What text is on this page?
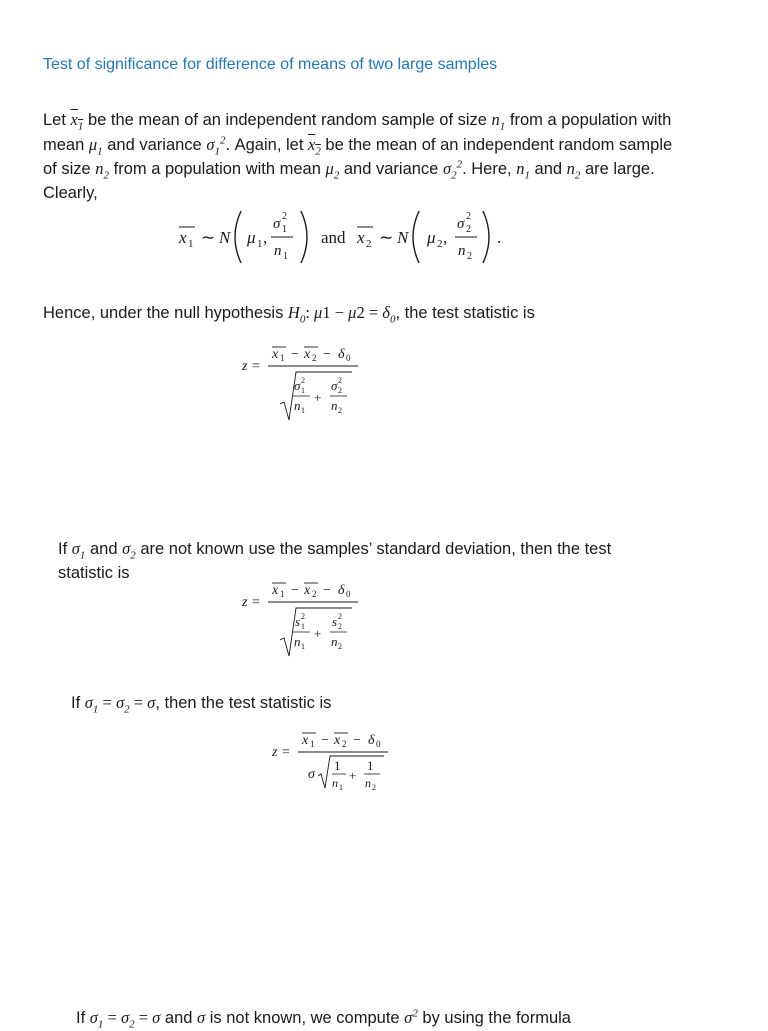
Test of significance for difference of means of two large samples
Let $x_1$ be the mean of an independent random sample of size $n_1$ from a population with
mean $\mu_1$ and variance $\sigma_1^2$. Again, let $x_2$ be the mean of an independent random sample
of size $n_2$ from a population with mean $\mu_2$ and variance $\sigma_2^2$. Here, $n_1$ and $n_2$ are large.
Clearly,
x 1 ∼ N μ 1 ,
σ 1
2
n 1
and x 2 ∼ N μ 2 ,
σ 2
2
n 2
.
Hence, under the null hypothesis $H_0$: $\mu 1 - \mu 2 = \delta_0$, the test statistic is
z =
x 1 − x 2 − δ 0
σ 1
2
n 1
+
σ 2
2
n 2
If $\sigma_1$ and $\sigma_2$ are not known use the samples’ standard deviation, then the test
statistic is
z =
x 1 − x 2 − δ 0
s 1
2
n 1
+
s 2
2
n 2
If $\sigma_1 = \sigma_2 = \sigma$, then the test statistic is
z =
x 1 − x 2 − δ 0
σ
1
n 1
+
1
n 2
If $\sigma_1 = \sigma_2 = \sigma$ and σ is not known, we compute $\sigma^2$ by using the formula
